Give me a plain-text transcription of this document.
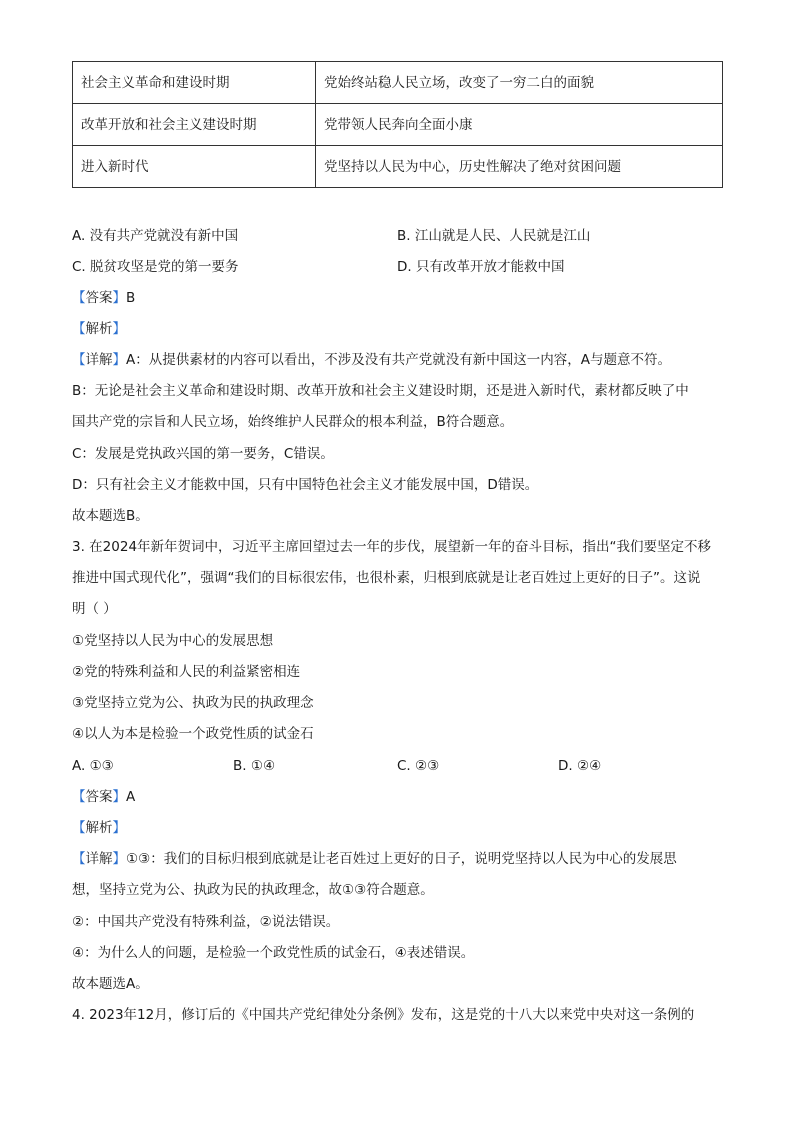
社会主义革命和建设时期	党始终站稳人民立场，改变了一穷二白的面貌
改革开放和社会主义建设时期	党带领人民奔向全面小康
进入新时代	党坚持以人民为中心，历史性解决了绝对贫困问题
A. 没有共产党就没有新中国	B. 江山就是人民、人民就是江山
C. 脱贫攻坚是党的第一要务	D. 只有改革开放才能救中国
【答案】B
【解析】
【详解】A：从提供素材的内容可以看出，不涉及没有共产党就没有新中国这一内容，A与题意不符。
B：无论是社会主义革命和建设时期、改革开放和社会主义建设时期，还是进入新时代，素材都反映了中
国共产党的宗旨和人民立场，始终维护人民群众的根本利益，B符合题意。
C：发展是党执政兴国的第一要务，C错误。
D：只有社会主义才能救中国，只有中国特色社会主义才能发展中国，D错误。
故本题选B。
3. 在2024年新年贺词中，习近平主席回望过去一年的步伐，展望新一年的奋斗目标，指出“我们要坚定不移
推进中国式现代化”，强调“我们的目标很宏伟，也很朴素，归根到底就是让老百姓过上更好的日子”。这说
明（ ）
①党坚持以人民为中心的发展思想
②党的特殊利益和人民的利益紧密相连
③党坚持立党为公、执政为民的执政理念
④以人为本是检验一个政党性质的试金石
A. ①③	B. ①④	C. ②③	D. ②④
【答案】A
【解析】
【详解】①③：我们的目标归根到底就是让老百姓过上更好的日子，说明党坚持以人民为中心的发展思
想，坚持立党为公、执政为民的执政理念，故①③符合题意。
②：中国共产党没有特殊利益，②说法错误。
④：为什么人的问题，是检验一个政党性质的试金石，④表述错误。
故本题选A。
4. 2023年12月，修订后的《中国共产党纪律处分条例》发布，这是党的十八大以来党中央对这一条例的
